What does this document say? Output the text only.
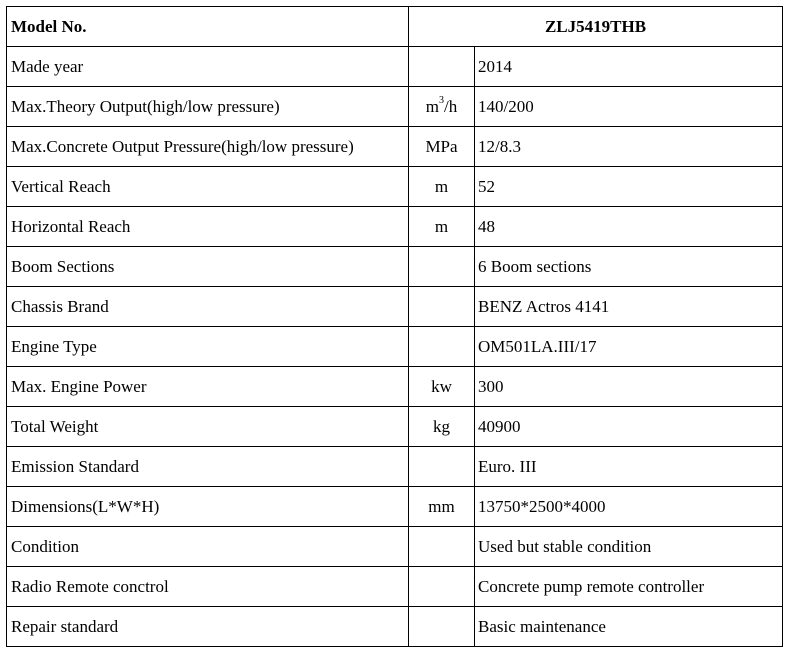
Model No.	ZLJ5419THB	
Made year		2014
Max.Theory Output(high/low pressure)	$m^3/h$	140/200
Max.Concrete Output Pressure(high/low pressure)	MPa	12/8.3
Vertical Reach	m	52
Horizontal Reach	m	48
Boom Sections		6 Boom sections
Chassis Brand		BENZ Actros 4141
Engine Type		OM501LA.III/17
Max. Engine Power	kw	300
Total Weight	kg	40900
Emission Standard		Euro. III
Dimensions(L*W*H)	mm	13750*2500*4000
Condition		Used but stable condition
Radio Remote conctrol		Concrete pump remote controller
Repair standard		Basic maintenance
